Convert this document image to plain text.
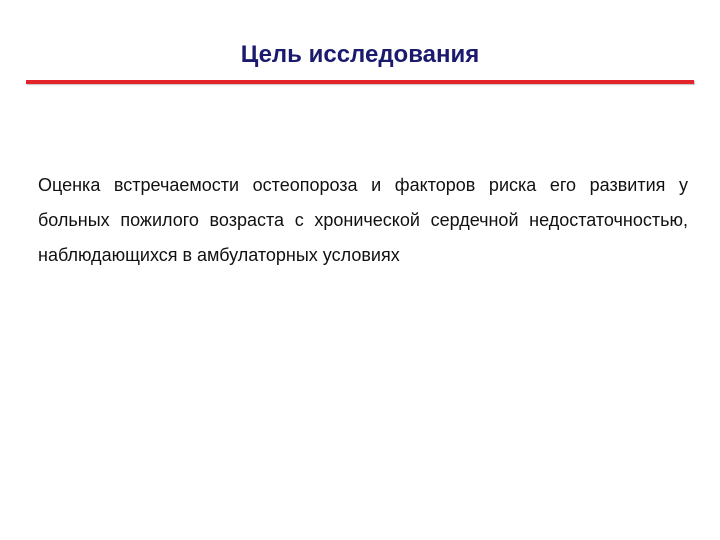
Цель исследования

Оценка встречаемости остеопороза и факторов риска его развития у больных пожилого возраста с хронической сердечной недостаточностью, наблюдающихся в амбулаторных условиях
